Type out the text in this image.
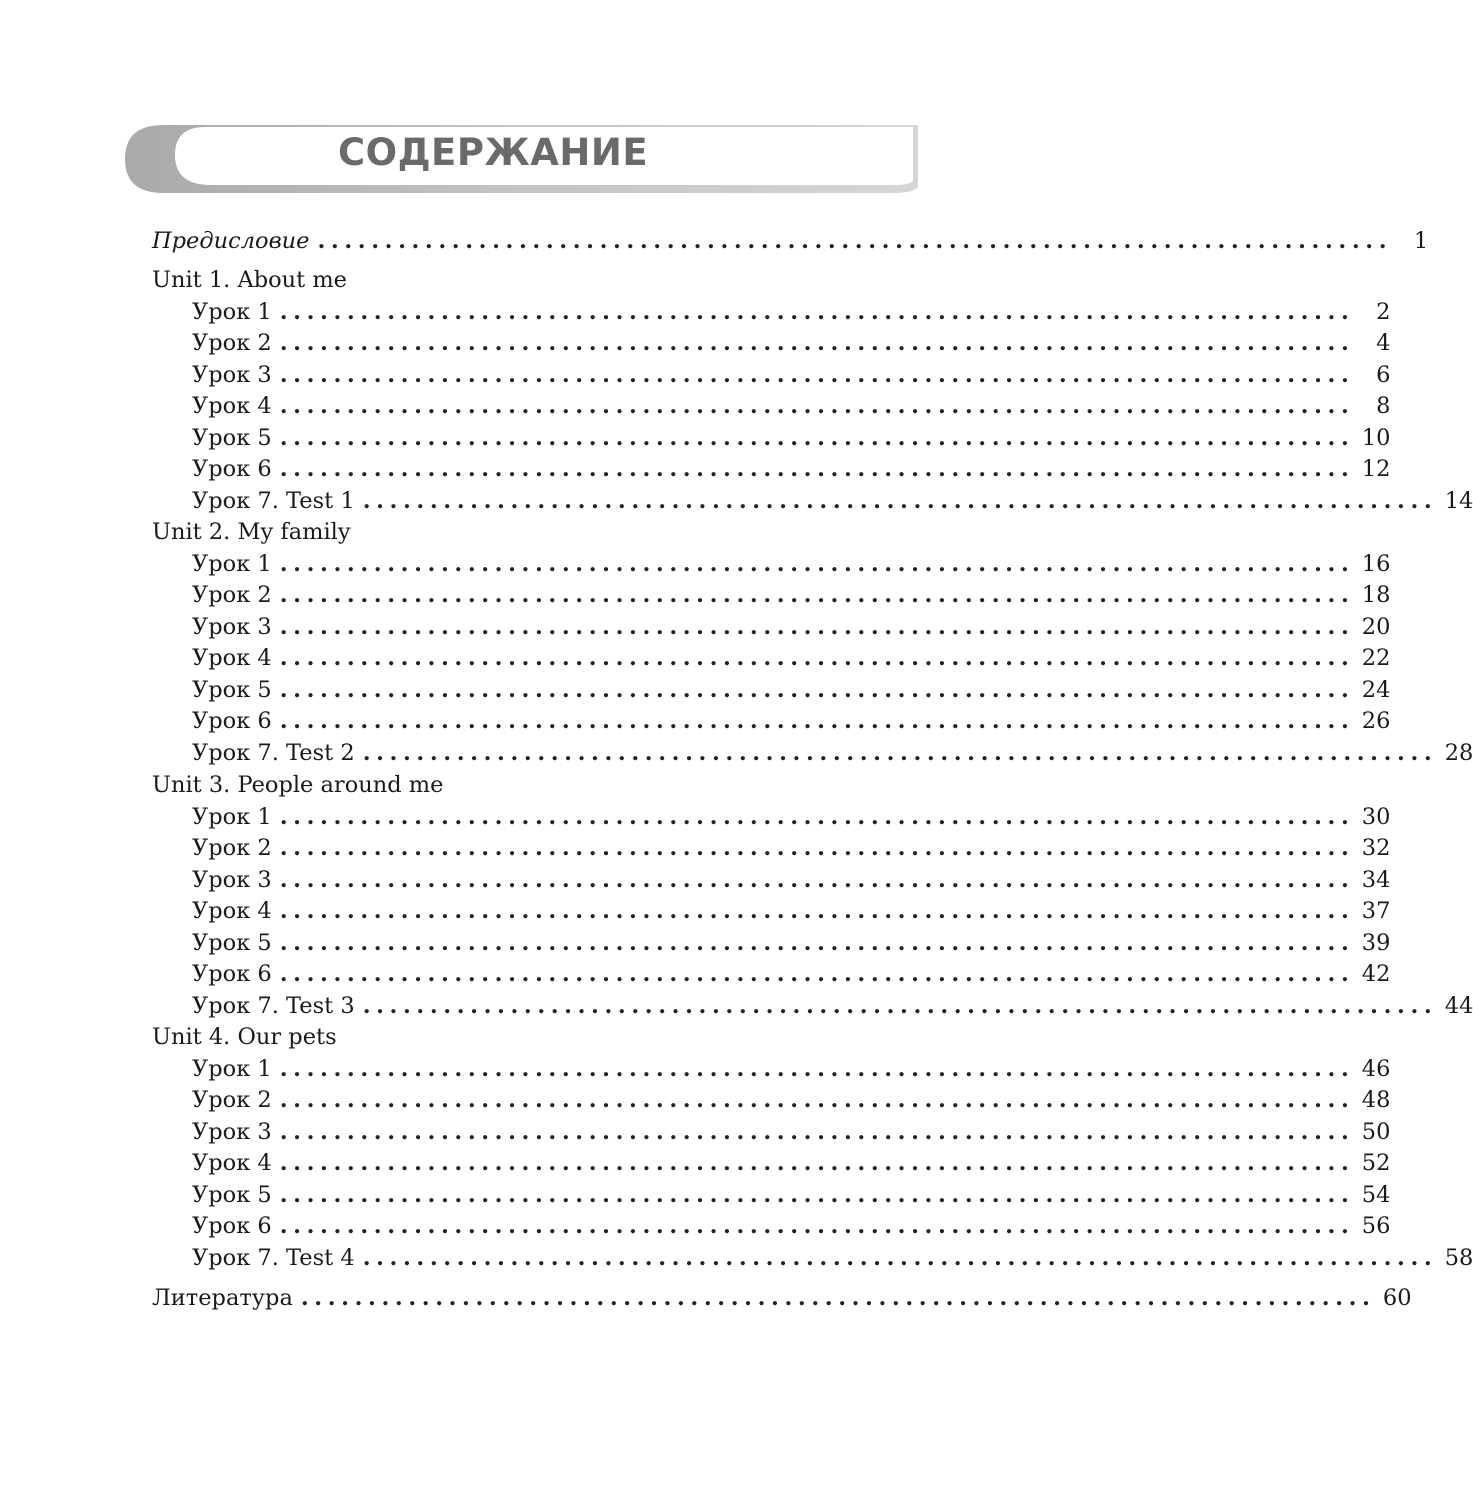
СОДЕРЖАНИЕ
Предисловие ................................................................................ 1
Unit 1. About me
Урок 1 ................................................................................ 2
Урок 2 ................................................................................ 4
Урок 3 ................................................................................ 6
Урок 4 ................................................................................ 8
Урок 5 ................................................................................ 10
Урок 6 ................................................................................ 12
Урок 7. Test 1 ................................................................................ 14
Unit 2. My family
Урок 1 ................................................................................ 16
Урок 2 ................................................................................ 18
Урок 3 ................................................................................ 20
Урок 4 ................................................................................ 22
Урок 5 ................................................................................ 24
Урок 6 ................................................................................ 26
Урок 7. Test 2 ................................................................................ 28
Unit 3. People around me
Урок 1 ................................................................................ 30
Урок 2 ................................................................................ 32
Урок 3 ................................................................................ 34
Урок 4 ................................................................................ 37
Урок 5 ................................................................................ 39
Урок 6 ................................................................................ 42
Урок 7. Test 3 ................................................................................ 44
Unit 4. Our pets
Урок 1 ................................................................................ 46
Урок 2 ................................................................................ 48
Урок 3 ................................................................................ 50
Урок 4 ................................................................................ 52
Урок 5 ................................................................................ 54
Урок 6 ................................................................................ 56
Урок 7. Test 4 ................................................................................ 58
Литература ................................................................................ 60
